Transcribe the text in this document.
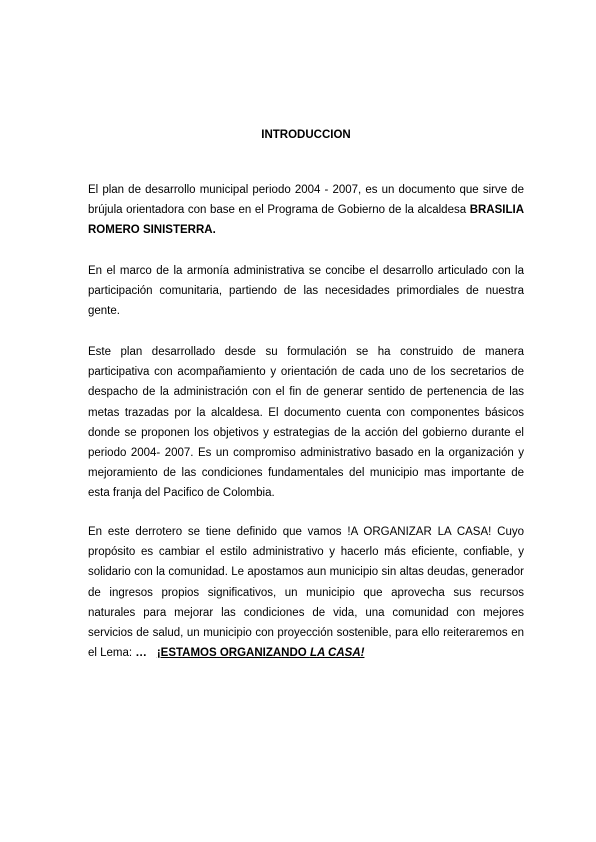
INTRODUCCION

El plan de desarrollo municipal periodo 2004 - 2007, es un documento que sirve de brújula orientadora con base en el Programa de Gobierno de la alcaldesa BRASILIA ROMERO SINISTERRA.

En el marco de la armonía administrativa se concibe el desarrollo articulado con la participación comunitaria, partiendo de las necesidades primordiales de nuestra gente.

Este plan desarrollado desde su formulación se ha construido de manera participativa con acompañamiento y orientación de cada uno de los secretarios de despacho de la administración con el fin de generar sentido de pertenencia de las metas trazadas por la alcaldesa. El documento cuenta con componentes básicos donde se proponen los objetivos y estrategias de la acción del gobierno durante el periodo 2004- 2007. Es un compromiso administrativo basado en la organización y mejoramiento de las condiciones fundamentales del municipio mas importante de esta franja del Pacifico de Colombia.

En este derrotero se tiene definido que vamos !A ORGANIZAR LA CASA! Cuyo propósito es cambiar el estilo administrativo y hacerlo más eficiente, confiable, y solidario con la comunidad. Le apostamos aun municipio sin altas deudas, generador de ingresos propios significativos, un municipio que aprovecha sus recursos naturales para mejorar las condiciones de vida, una comunidad con mejores servicios de salud, un municipio con proyección sostenible, para ello reiteraremos en el Lema: … ¡ESTAMOS ORGANIZANDO LA CASA!
